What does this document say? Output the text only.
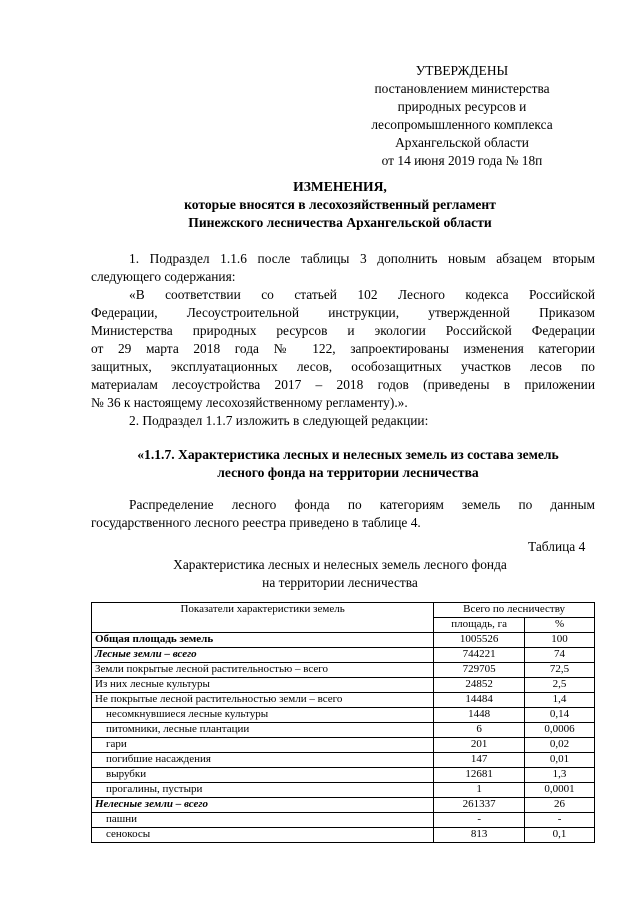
УТВЕРЖДЕНЫ
постановлением министерства
природных ресурсов и
лесопромышленного комплекса
Архангельской области
от 14 июня 2019 года № 18п
ИЗМЕНЕНИЯ,
которые вносятся в лесохозяйственный регламент
Пинежского лесничества Архангельской области
1. Подраздел 1.1.6 после таблицы 3 дополнить новым абзацем вторым
следующего содержания:
«В соответствии со статьей 102 Лесного кодекса Российской
Федерации, Лесоустроительной инструкции, утвержденной Приказом
Министерства природных ресурсов и экологии Российской Федерации
от 29 марта 2018 года № 122, запроектированы изменения категории
защитных, эксплуатационных лесов, особозащитных участков лесов по
материалам лесоустройства 2017 – 2018 годов (приведены в приложении
№ 36 к настоящему лесохозяйственному регламенту).».
2. Подраздел 1.1.7 изложить в следующей редакции:
«1.1.7. Характеристика лесных и нелесных земель из состава земель
лесного фонда на территории лесничества
Распределение лесного фонда по категориям земель по данным
государственного лесного реестра приведено в таблице 4.
Таблица 4
Характеристика лесных и нелесных земель лесного фонда
на территории лесничества
Показатели характеристики земель	Всего по лесничеству	
	площадь, га	%
Общая площадь земель	1005526	100
Лесные земли – всего	744221	74
Земли покрытые лесной растительностью – всего	729705	72,5
Из них лесные культуры	24852	2,5
Не покрытые лесной растительностью земли – всего	14484	1,4
несомкнувшиеся лесные культуры	1448	0,14
питомники, лесные плантации	6	0,0006
гари	201	0,02
погибшие насаждения	147	0,01
вырубки	12681	1,3
прогалины, пустыри	1	0,0001
Нелесные земли – всего	261337	26
пашни	-	-
сенокосы	813	0,1
